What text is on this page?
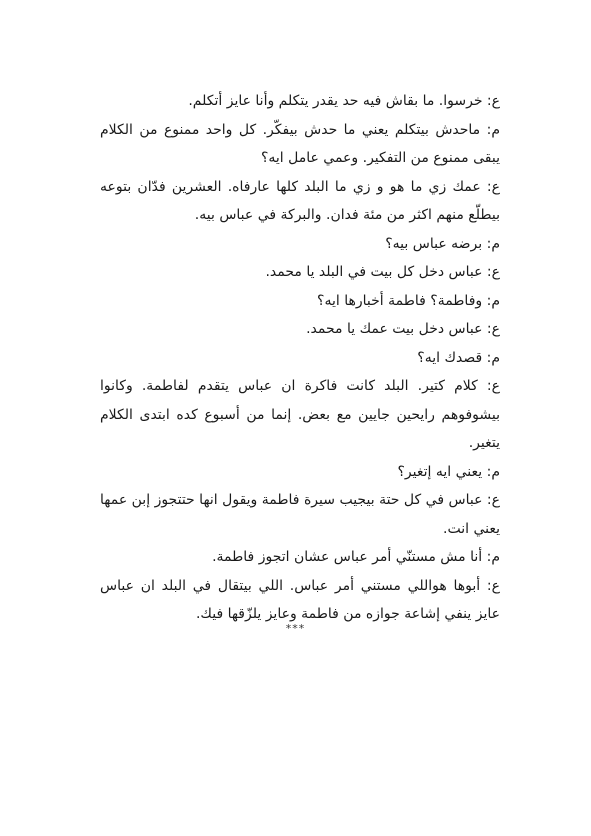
ع: خرسوا. ما بقاش فيه حد يقدر يتكلم وأنا عايز أتكلم.

م: ماحدش بيتكلم يعني ما حدش بيفكّر. كل واحد ممنوع من الكلام يبقى ممنوع من التفكير. وعمي عامل ايه؟

ع: عمك زي ما هو و زي ما البلد كلها عارفاه. العشرين فدّان بتوعه بيطلّع منهم اكثر من مئة فدان. والبركة في عباس بيه.

م: برضه عباس بيه؟

ع: عباس دخل كل بيت في البلد يا محمد.

م: وفاطمة؟ فاطمة أخبارها ايه؟

ع: عباس دخل بيت عمك يا محمد.

م: قصدك ايه؟

ع: كلام كتير. البلد كانت فاكرة ان عباس يتقدم لفاطمة. وكانوا بيشوفوهم رايحين جايين مع بعض. إنما من أسبوع كده ابتدى الكلام يتغير.

م: يعني ايه إتغير؟

ع: عباس في كل حتة بيجيب سيرة فاطمة ويقول انها حتتجوز إبن عمها يعني انت.

م: أنا مش مستنّي أمر عباس عشان اتجوز فاطمة.

ع: أبوها هواللي مستني أمر عباس. اللي بيتقال في البلد ان عباس عايز ينفي إشاعة جوازه من فاطمة وعايز يلزّقها فيك.

***
